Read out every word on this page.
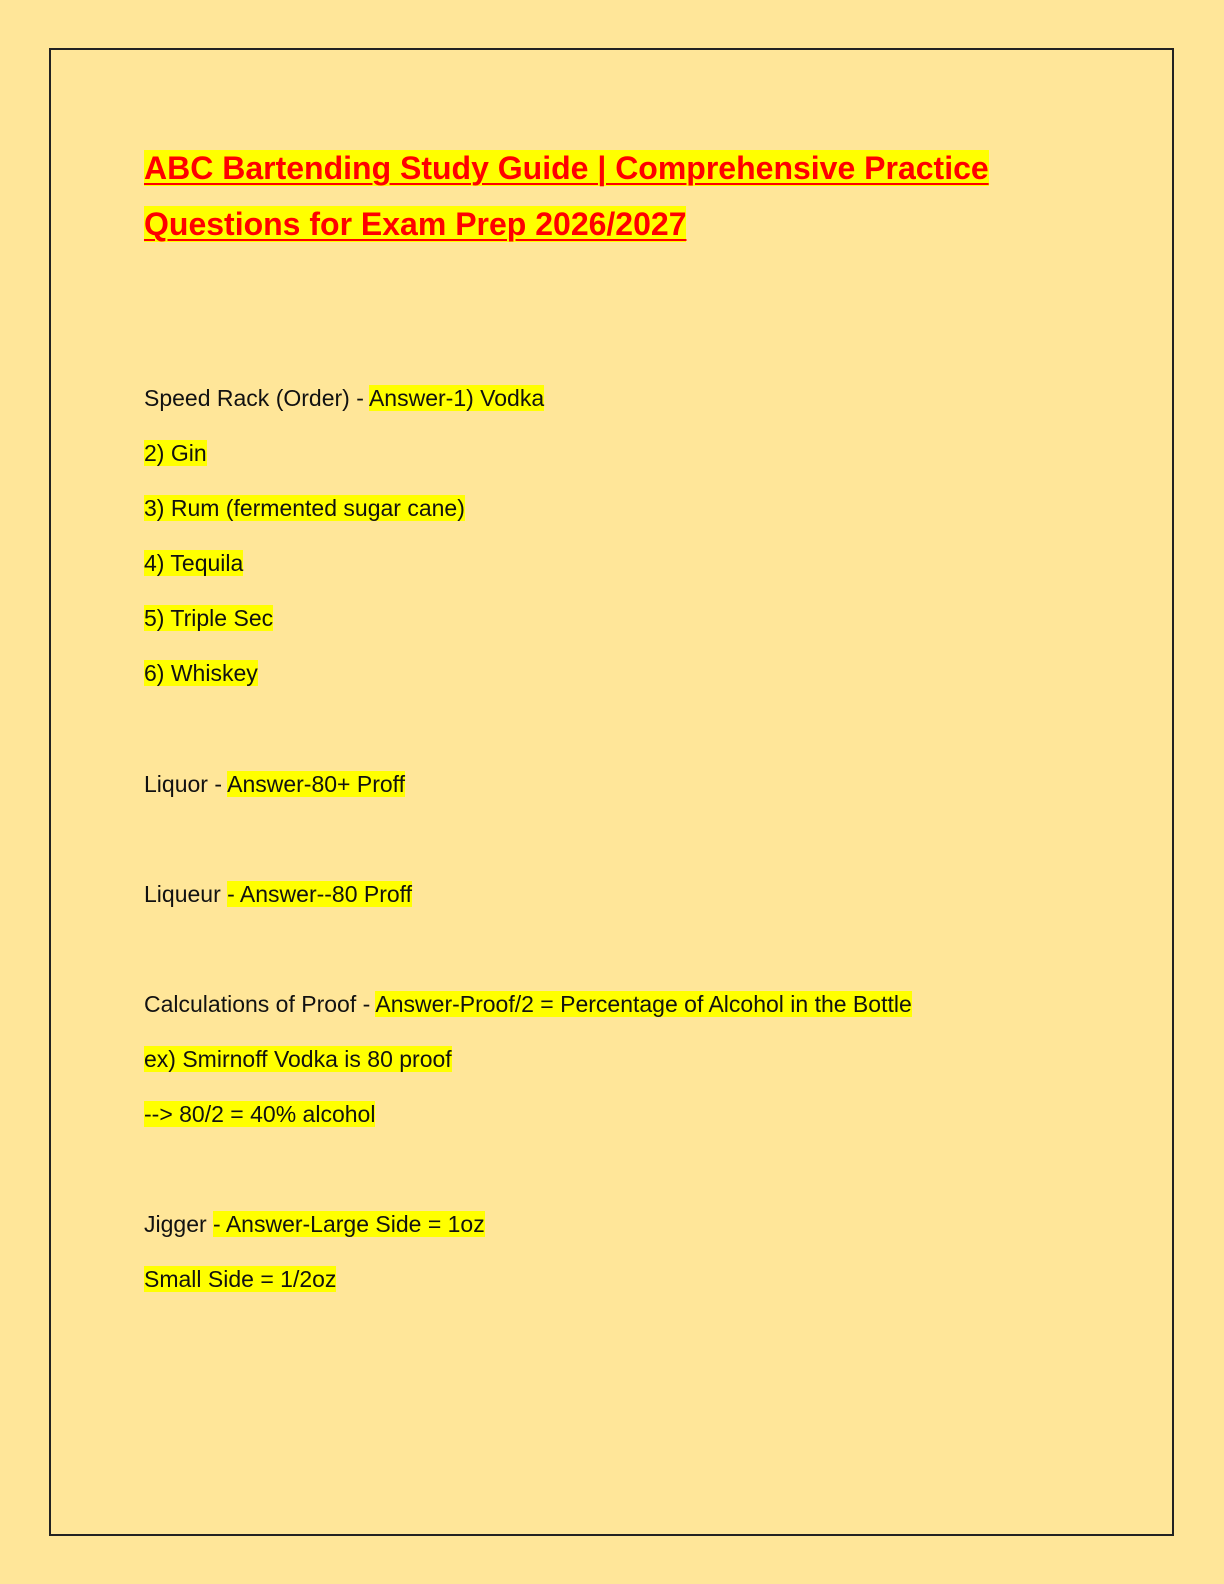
ABC Bartending Study Guide | Comprehensive Practice Questions for Exam Prep 2026/2027
Speed Rack (Order) - Answer-1) Vodka
2) Gin
3) Rum (fermented sugar cane)
4) Tequila
5) Triple Sec
6) Whiskey
Liquor - Answer-80+ Proff
Liqueur - Answer--80 Proff
Calculations of Proof - Answer-Proof/2 = Percentage of Alcohol in the Bottle
ex) Smirnoff Vodka is 80 proof
--> 80/2 = 40% alcohol
Jigger - Answer-Large Side = 1oz
Small Side = 1/2oz
